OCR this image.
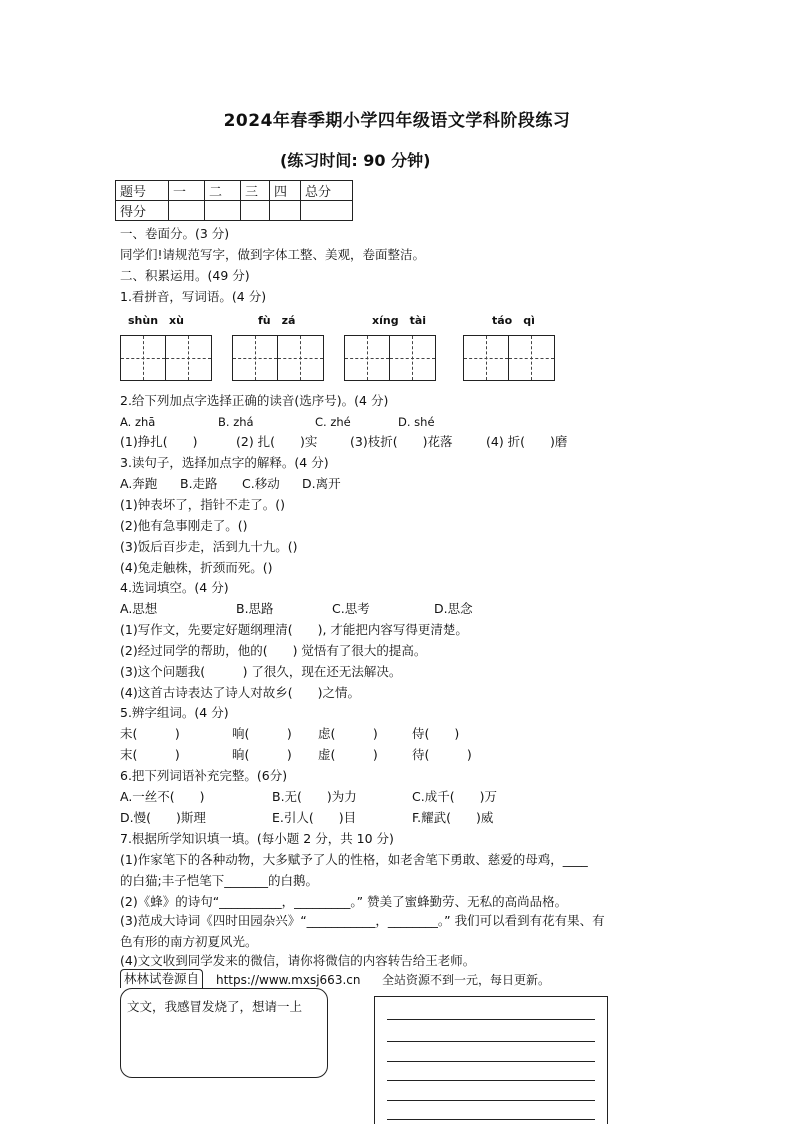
2024年春季期小学四年级语文学科阶段练习
(练习时间: 90 分钟)
题号	一	二	三	四	总分
得分					
一、卷面分。(3 分)
同学们!请规范写字，做到字体工整、美观，卷面整洁。
二、积累运用。(49 分)
1.看拼音，写词语。(4 分)
shùn　xù	fù　zá	xíng　tài	táo　qì
2.给下列加点字选择正确的读音(选序号)。(4 分)
A. zhā	B. zhá	C. zhé	D. shé
(1)挣扎(　　)	(2) 扎(　　)实	(3)枝折(　　)花落	(4) 折(　　)磨
3.读句子，选择加点字的解释。(4 分)
A.奔跑 B.走路 C.移动 D.离开
(1)钟表坏了，指针不走了。()
(2)他有急事刚走了。()
(3)饭后百步走，活到九十九。()
(4)兔走触株，折颈而死。()
4.选词填空。(4 分)
A.思想	B.思路	C.思考	D.思念
(1)写作文，先要定好题纲理清(　　), 才能把内容写得更清楚。
(2)经过同学的帮助，他的(　　) 觉悟有了很大的提高。
(3)这个问题我(　　　) 了很久，现在还无法解决。
(4)这首古诗表达了诗人对故乡(　　)之情。
5.辨字组词。(4 分)
未(　　　)	响(　　　) 虑(　　　)	侍(　　)
末(　　　)	晌(　　　) 虚(　　　)	待(　　　)
6.把下列词语补充完整。(6分)
A.一丝不(　　)	B.无(　　)为力	C.成千(　　)万
D.慢(　　)斯理	E.引人(　　)目	F.耀武(　　)威
7.根据所学知识填一填。(每小题 2 分，共 10 分)
(1)作家笔下的各种动物，大多赋予了人的性格，如老舍笔下勇敢、慈爱的母鸡，____
的白猫;丰子恺笔下_______的白鹅。
(2)《蜂》的诗句“__________，_________。” 赞美了蜜蜂勤劳、无私的高尚品格。
(3)范成大诗词《四时田园杂兴》“___________，________。” 我们可以看到有花有果、有
色有形的南方初夏风光。
(4)文文收到同学发来的微信，请你将微信的内容转告给王老师。
林林试卷源自	https://www.mxsj663.cn 全站资源不到一元，每日更新。
文文，我感冒发烧了，想请一上
